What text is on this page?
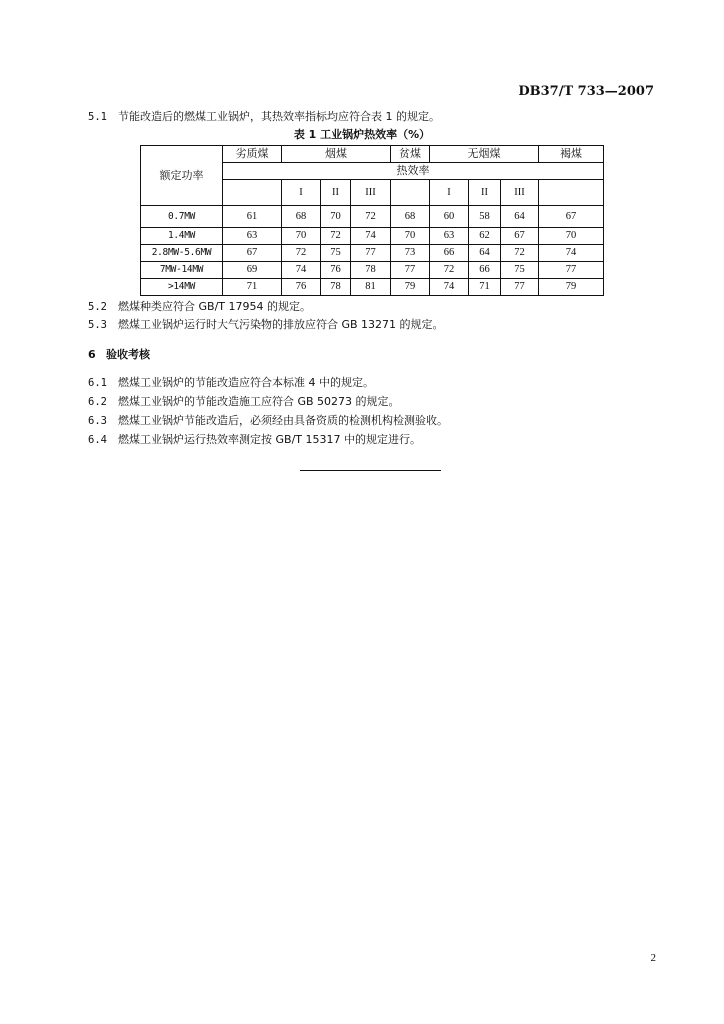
DB37/T 733—2007
5.1 节能改造后的燃煤工业锅炉，其热效率指标均应符合表 1 的规定。
表 1 工业锅炉热效率（%）
额定功率	劣质煤	烟煤			贫煤	无烟煤			褐煤
	热效率								
		I	II	III		I	II	III	
0.7MW	61	68	70	72	68	60	58	64	67
1.4MW	63	70	72	74	70	63	62	67	70
2.8MW-5.6MW	67	72	75	77	73	66	64	72	74
7MW-14MW	69	74	76	78	77	72	66	75	77
>14MW	71	76	78	81	79	74	71	77	79
5.2 燃煤种类应符合 GB/T 17954 的规定。
5.3 燃煤工业锅炉运行时大气污染物的排放应符合 GB 13271 的规定。
6 验收考核
6.1 燃煤工业锅炉的节能改造应符合本标准 4 中的规定。
6.2 燃煤工业锅炉的节能改造施工应符合 GB 50273 的规定。
6.3 燃煤工业锅炉节能改造后，必须经由具备资质的检测机构检测验收。
6.4 燃煤工业锅炉运行热效率测定按 GB/T 15317 中的规定进行。
2
